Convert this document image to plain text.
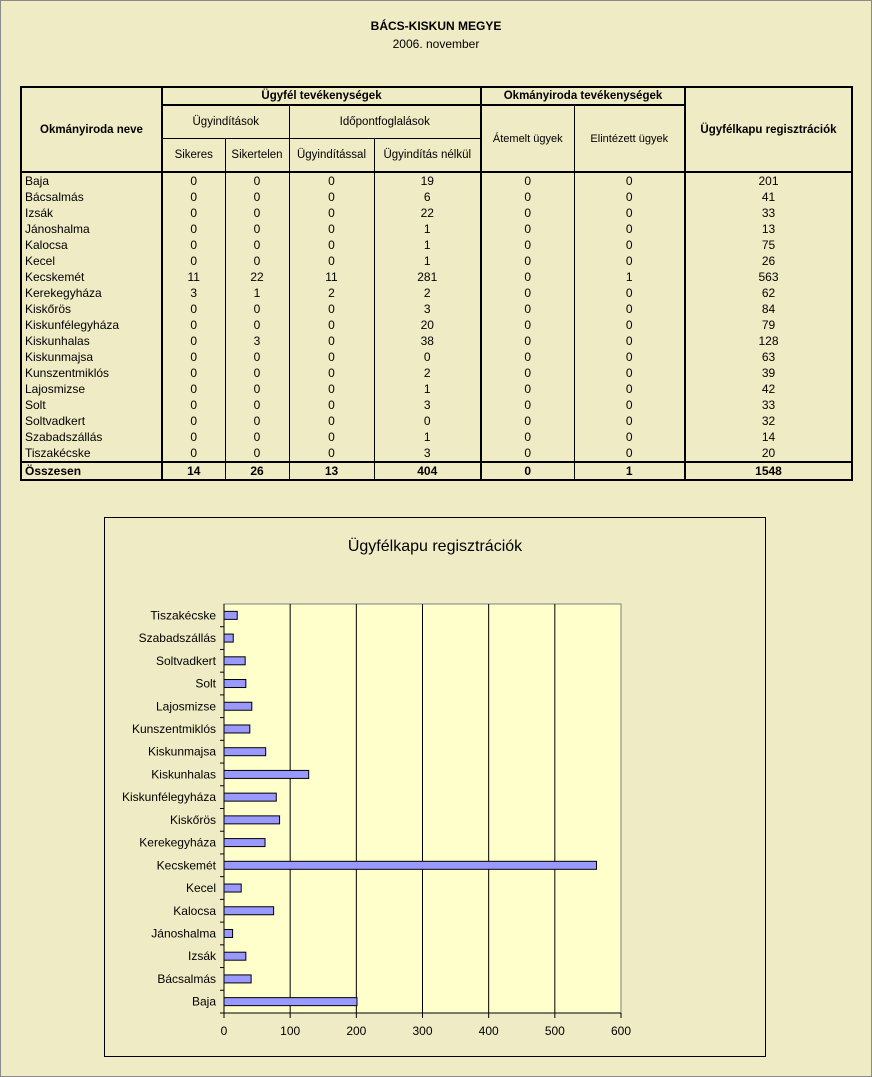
BÁCS-KISKUN MEGYE
2006. november
Okmányiroda neve	Ügyfél tevékenységek				Okmányiroda tevékenységek		Ügyfélkapu regisztrációk
	Ügyindítások		Időpontfoglalások		Átemelt ügyek	Elintézett ügyek	
	Sikeres	Sikertelen	Ügyindítással	Ügyindítás nélkül			
Baja	0	0	0	19	0	0	201
Bácsalmás	0	0	0	6	0	0	41
Izsák	0	0	0	22	0	0	33
Jánoshalma	0	0	0	1	0	0	13
Kalocsa	0	0	0	1	0	0	75
Kecel	0	0	0	1	0	0	26
Kecskemét	11	22	11	281	0	1	563
Kerekegyháza	3	1	2	2	0	0	62
Kiskőrös	0	0	0	3	0	0	84
Kiskunfélegyháza	0	0	0	20	0	0	79
Kiskunhalas	0	3	0	38	0	0	128
Kiskunmajsa	0	0	0	0	0	0	63
Kunszentmiklós	0	0	0	2	0	0	39
Lajosmizse	0	0	0	1	0	0	42
Solt	0	0	0	3	0	0	33
Soltvadkert	0	0	0	0	0	0	32
Szabadszállás	0	0	0	1	0	0	14
Tiszakécske	0	0	0	3	0	0	20
Összesen	14	26	13	404	0	1	1548
Ügyfélkapu regisztrációk
0	100	200	300	400	500	600
Baja
Bácsalmás
Izsák
Jánoshalma
Kalocsa
Kecel
Kecskemét
Kerekegyháza
Kiskőrös
Kiskunfélegyháza
Kiskunhalas
Kiskunmajsa
Kunszentmiklós
Lajosmizse
Solt
Soltvadkert
Szabadszállás
Tiszakécske
